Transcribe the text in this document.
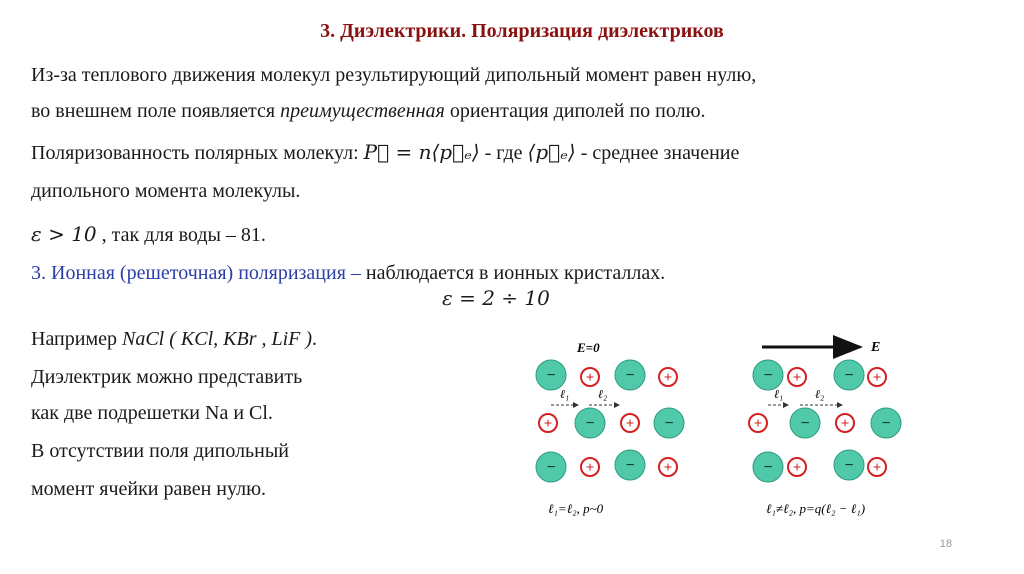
3. Диэлектрики. Поляризация диэлектриков
Из-за теплового движения молекул результирующий дипольный момент равен нулю,
во внешнем поле появляется преимущественная ориентация диполей по полю.
Поляризованность полярных молекул: P⃗ = n⟨p⃗ₑ⟩ - где ⟨p⃗ₑ⟩ - среднее значение
дипольного момента молекулы.
ε > 10 , так для воды – 81.
3. Ионная (решеточная) поляризация – наблюдается в ионных кристаллах.
ε = 2 ÷ 10
Например NaCl ( KCl, KBr , LiF ).
Диэлектрик можно представить
как две подрешетки Na и Cl.
В отсутствии поля дипольный
момент ячейки равен нулю.
E=0	E
− + − +
+ − + −
− + − +
− +	− +
+ − + −
− +	− +
ℓ₁ ℓ₂	ℓ₁	ℓ₂
ℓ₁=ℓ₂, p~0	ℓ₁≠ℓ₂, p=q(ℓ₂ − ℓ₁)
18
